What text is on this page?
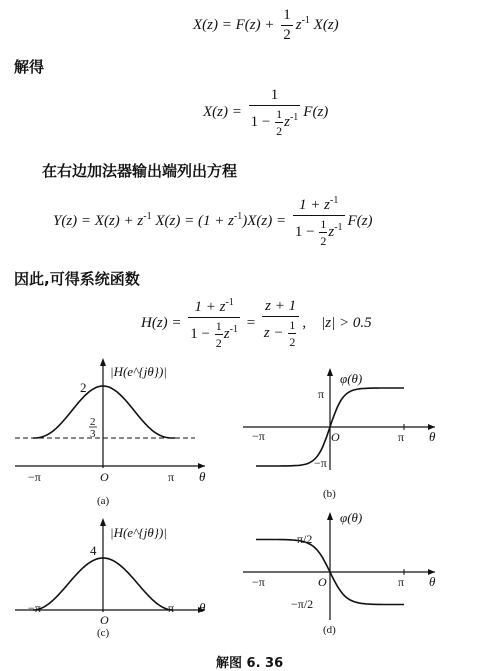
$X(z) = F(z) + \frac{1}{2} z^{-1}$ X(z)
解得
$X(z) = \frac{1}{1 - \frac{1}{2} z^{-1}} F(z)$
在右边加法器输出端列出方程
$Y(z) = X(z) + z^{-1}$ $X(z) = (1 + z^{-1})X(z) = \frac{1 + z^{-1}}{1 - \frac{1}{2} z^{-1}} F(z)$
因此,可得系统函数
$H(z) = \frac{1 + z^{-1}}{1 - \frac{1}{2} z^{-1}} = \frac{z + 1}{z - \frac{1}{2}}$ ,    |z| > 0.5
2
2
3
|H(e^{jθ})|
−π	π
O	θ
(a)
φ(θ)
π
−π
−π	π
O	θ
(b)
4
|H(e^{jθ})|
−π	π
O
θ
(c)
φ(θ)
π/2
−π/2
−π	π
O	θ
(d)
解图 6. 36
